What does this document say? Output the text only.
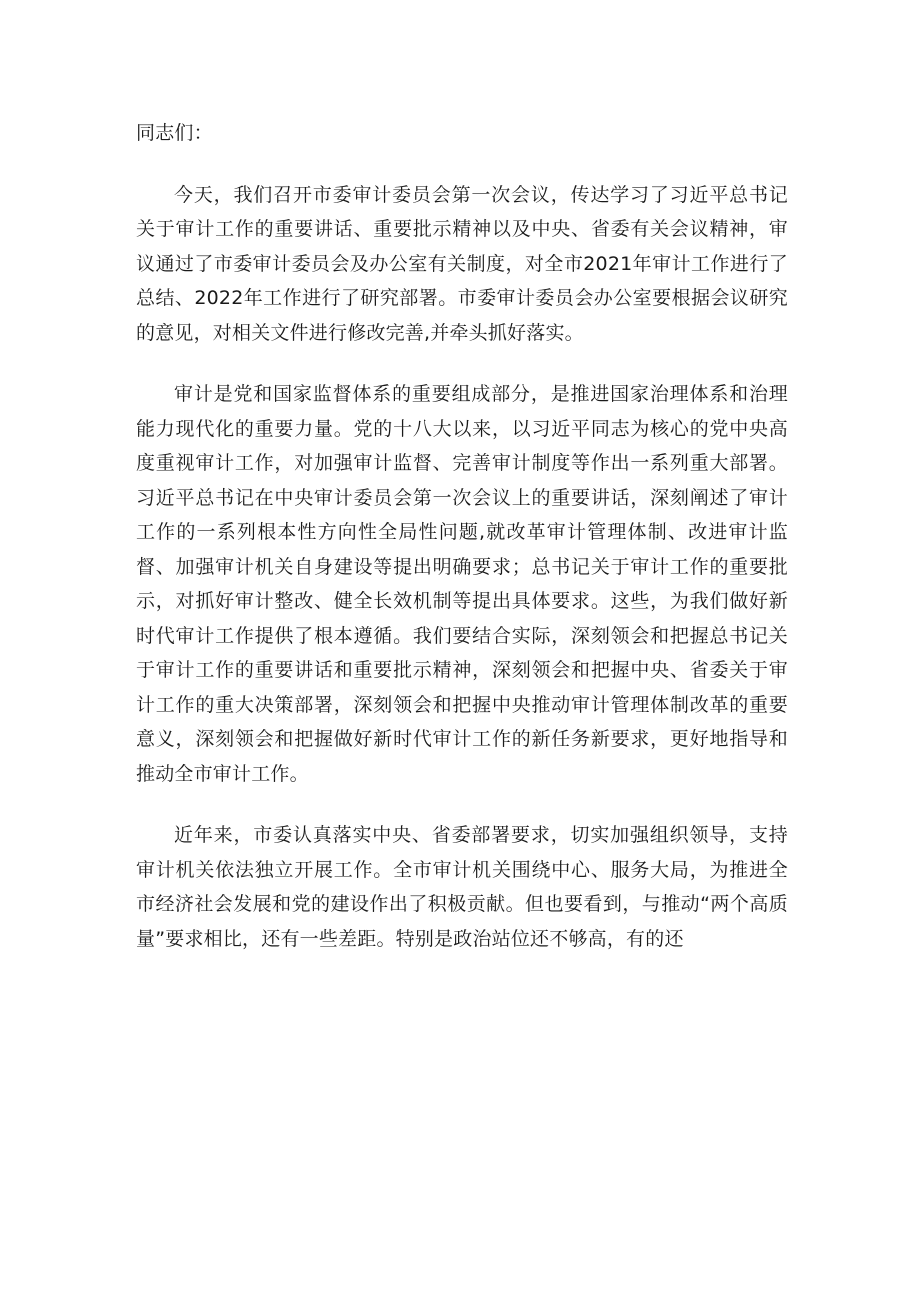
同志们：

今天，我们召开市委审计委员会第一次会议，传达学习了习近平总书记关于审计工作的重要讲话、重要批示精神以及中央、省委有关会议精神，审议通过了市委审计委员会及办公室有关制度，对全市2021年审计工作进行了总结、2022年工作进行了研究部署。市委审计委员会办公室要根据会议研究的意见，对相关文件进行修改完善,并牵头抓好落实。

审计是党和国家监督体系的重要组成部分，是推进国家治理体系和治理能力现代化的重要力量。党的十八大以来，以习近平同志为核心的党中央高度重视审计工作，对加强审计监督、完善审计制度等作出一系列重大部署。习近平总书记在中央审计委员会第一次会议上的重要讲话，深刻阐述了审计工作的一系列根本性方向性全局性问题,就改革审计管理体制、改进审计监督、加强审计机关自身建设等提出明确要求；总书记关于审计工作的重要批示，对抓好审计整改、健全长效机制等提出具体要求。这些，为我们做好新时代审计工作提供了根本遵循。我们要结合实际，深刻领会和把握总书记关于审计工作的重要讲话和重要批示精神，深刻领会和把握中央、省委关于审计工作的重大决策部署，深刻领会和把握中央推动审计管理体制改革的重要意义，深刻领会和把握做好新时代审计工作的新任务新要求，更好地指导和推动全市审计工作。

近年来，市委认真落实中央、省委部署要求，切实加强组织领导，支持审计机关依法独立开展工作。全市审计机关围绕中心、服务大局，为推进全市经济社会发展和党的建设作出了积极贡献。但也要看到，与推动“两个高质量”要求相比，还有一些差距。特别是政治站位还不够高，有的还
